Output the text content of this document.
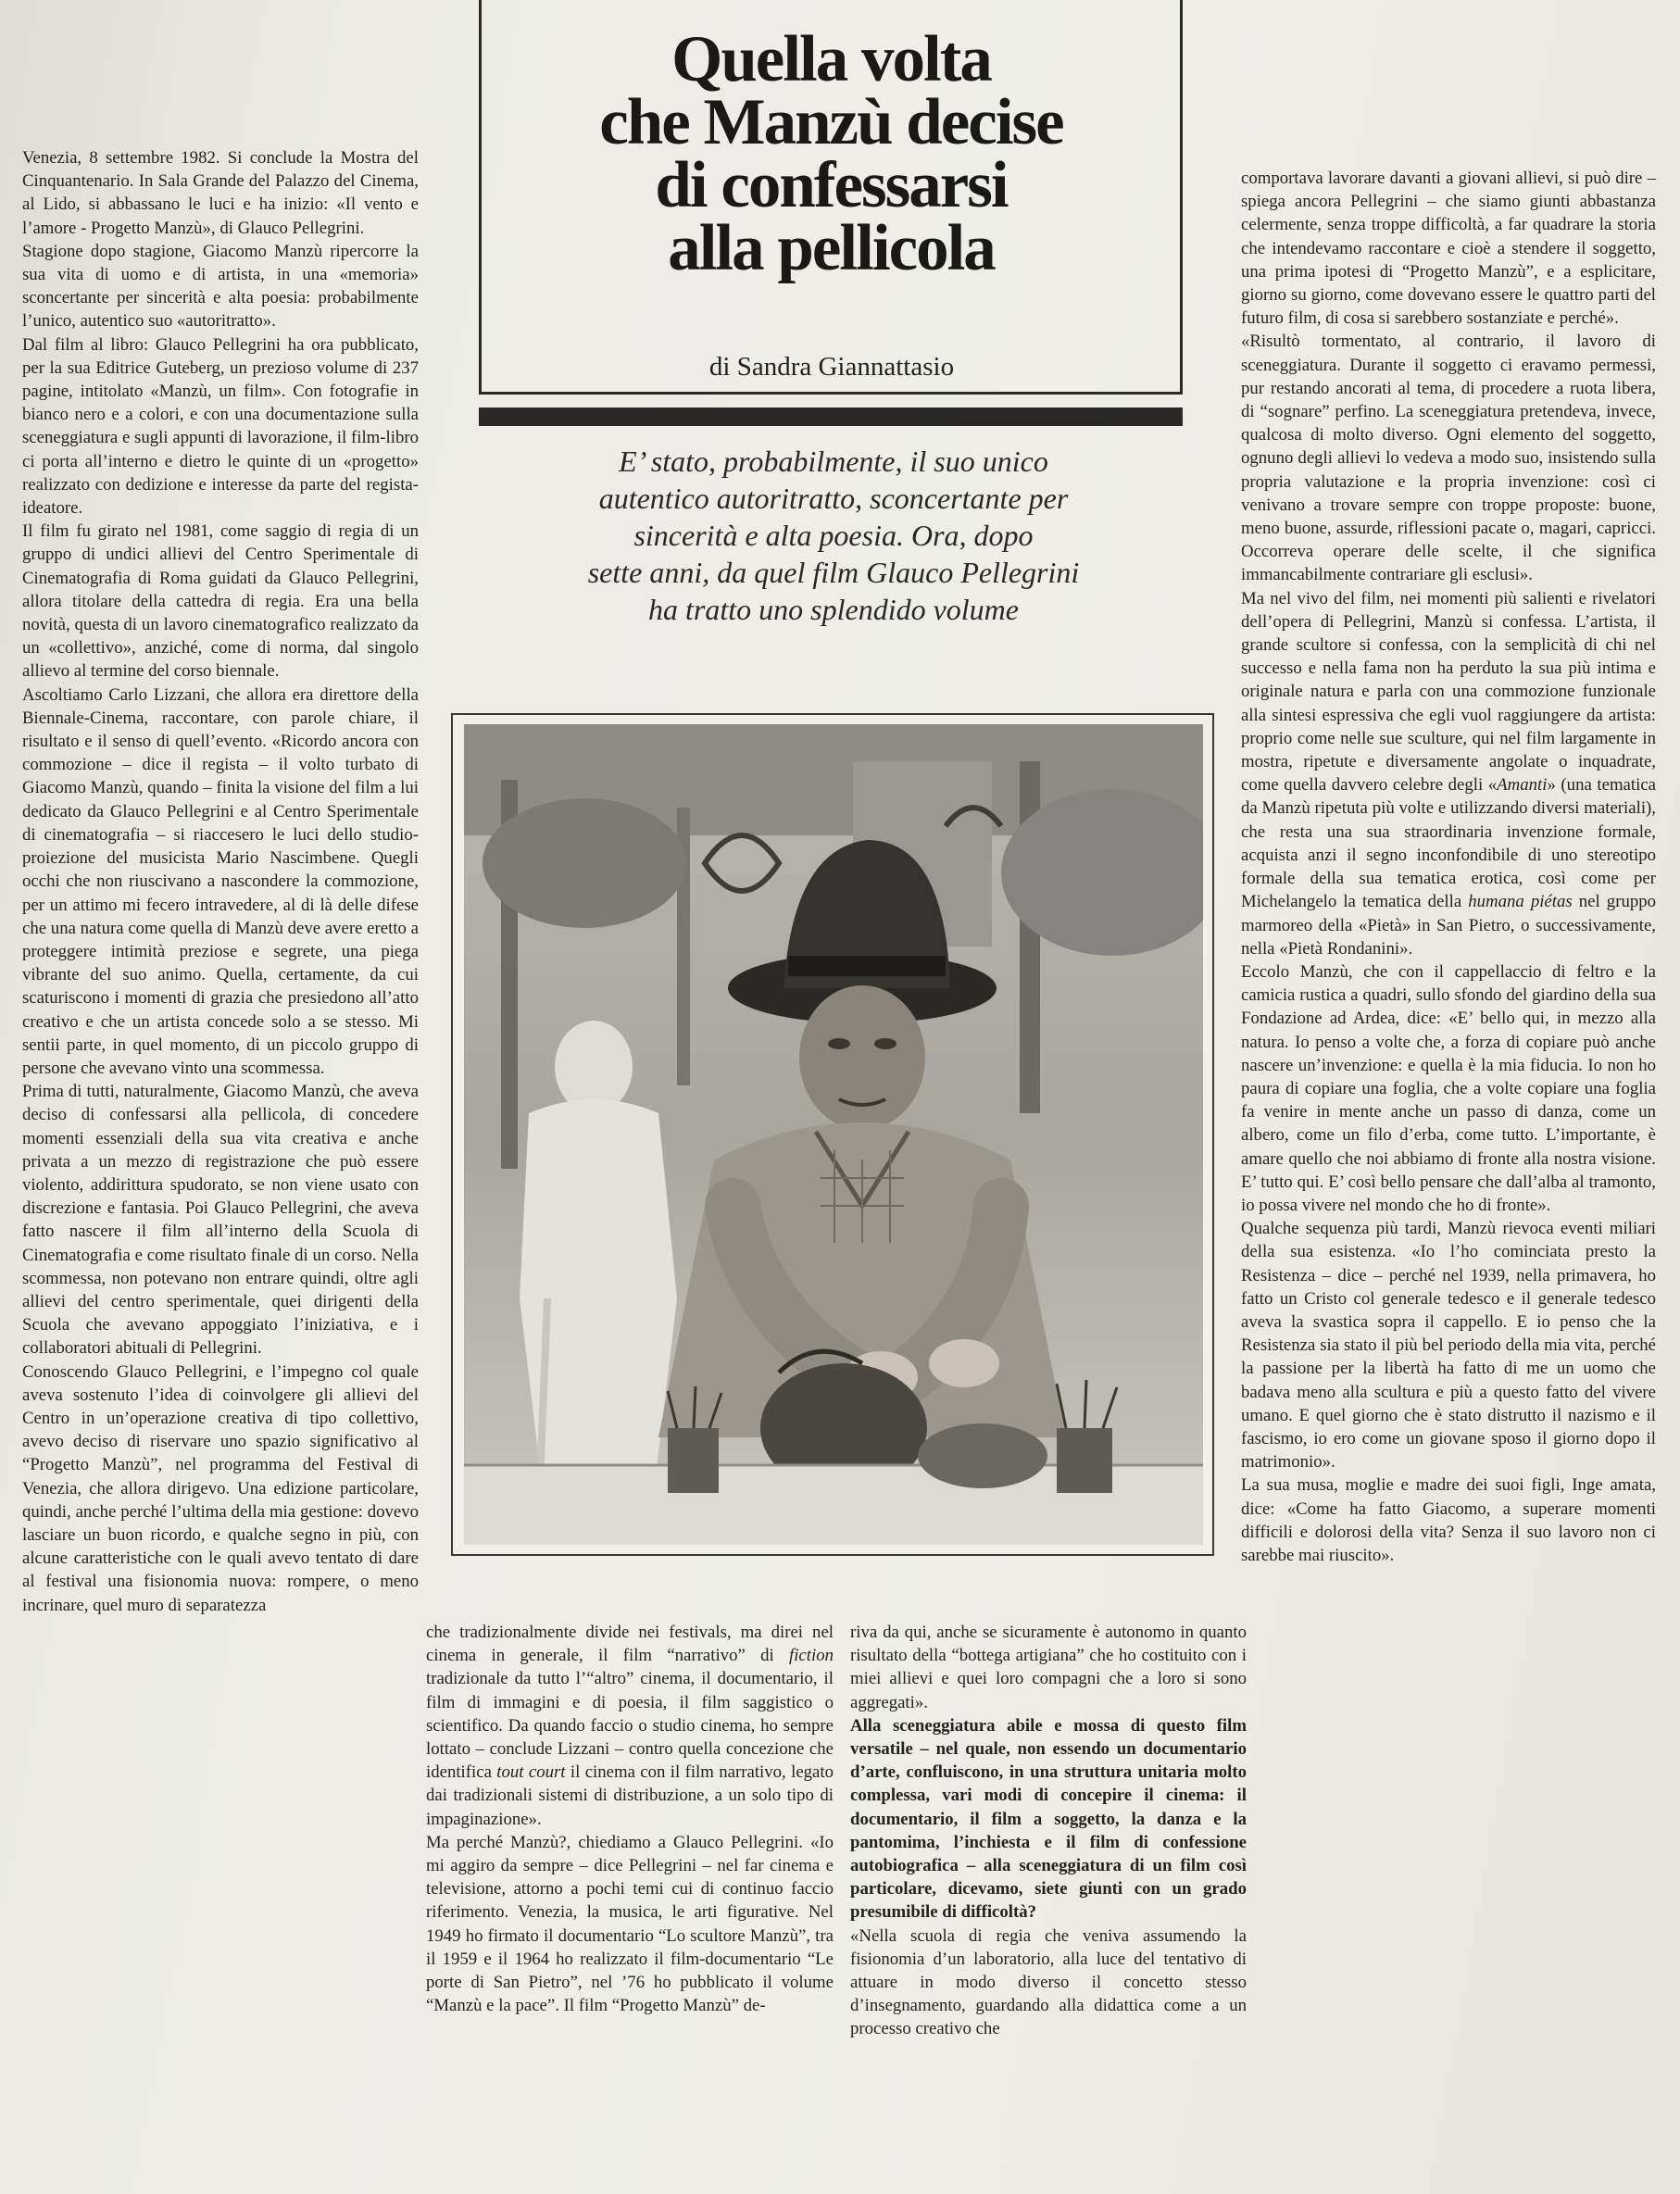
Quella volta
che Manzù decise
di confessarsi
alla pellicola
di Sandra Giannattasio

E’ stato, probabilmente, il suo unico
autentico autoritratto, sconcertante per
sincerità e alta poesia. Ora, dopo
sette anni, da quel film Glauco Pellegrini
ha tratto uno splendido volume

Venezia, 8 settembre 1982. Si conclude la Mostra del Cinquantenario. In Sala Grande del Palazzo del Cinema, al Lido, si abbassano le luci e ha inizio: «Il vento e l’amore - Progetto Manzù», di Glauco Pellegrini.

Stagione dopo stagione, Giacomo Manzù ripercorre la sua vita di uomo e di artista, in una «memoria» sconcertante per sincerità e alta poesia: probabilmente l’unico, autentico suo «autoritratto».

Dal film al libro: Glauco Pellegrini ha ora pubblicato, per la sua Editrice Guteberg, un prezioso volume di 237 pagine, intitolato «Manzù, un film». Con fotografie in bianco nero e a colori, e con una documentazione sulla sceneggiatura e sugli appunti di lavorazione, il film-libro ci porta all’interno e dietro le quinte di un «progetto» realizzato con dedizione e interesse da parte del regista-ideatore.

Il film fu girato nel 1981, come saggio di regia di un gruppo di undici allievi del Centro Sperimentale di Cinematografia di Roma guidati da Glauco Pellegrini, allora titolare della cattedra di regia. Era una bella novità, questa di un lavoro cinematografico realizzato da un «collettivo», anziché, come di norma, dal singolo allievo al termine del corso biennale.

Ascoltiamo Carlo Lizzani, che allora era direttore della Biennale-Cinema, raccontare, con parole chiare, il risultato e il senso di quell’evento. «Ricordo ancora con commozione – dice il regista – il volto turbato di Giacomo Manzù, quando – finita la visione del film a lui dedicato da Glauco Pellegrini e al Centro Sperimentale di cinematografia – si riaccesero le luci dello studio-proiezione del musicista Mario Nascimbene. Quegli occhi che non riuscivano a nascondere la commozione, per un attimo mi fecero intravedere, al di là delle difese che una natura come quella di Manzù deve avere eretto a proteggere intimità preziose e segrete, una piega vibrante del suo animo. Quella, certamente, da cui scaturiscono i momenti di grazia che presiedono all’atto creativo e che un artista concede solo a se stesso. Mi sentii parte, in quel momento, di un piccolo gruppo di persone che avevano vinto una scommessa.

Prima di tutti, naturalmente, Giacomo Manzù, che aveva deciso di confessarsi alla pellicola, di concedere momenti essenziali della sua vita creativa e anche privata a un mezzo di registrazione che può essere violento, addirittura spudorato, se non viene usato con discrezione e fantasia. Poi Glauco Pellegrini, che aveva fatto nascere il film all’interno della Scuola di Cinematografia e come risultato finale di un corso. Nella scommessa, non potevano non entrare quindi, oltre agli allievi del centro sperimentale, quei dirigenti della Scuola che avevano appoggiato l’iniziativa, e i collaboratori abituali di Pellegrini.

Conoscendo Glauco Pellegrini, e l’impegno col quale aveva sostenuto l’idea di coinvolgere gli allievi del Centro in un’operazione creativa di tipo collettivo, avevo deciso di riservare uno spazio significativo al “Progetto Manzù”, nel programma del Festival di Venezia, che allora dirigevo. Una edizione particolare, quindi, anche perché l’ultima della mia gestione: dovevo lasciare un buon ricordo, e qualche segno in più, con alcune caratteristiche con le quali avevo tentato di dare al festival una fisionomia nuova: rompere, o meno incrinare, quel muro di separatezza

che tradizionalmente divide nei festivals, ma direi nel cinema in generale, il film “narrativo” di fiction tradizionale da tutto l’“altro” cinema, il documentario, il film di immagini e di poesia, il film saggistico o scientifico. Da quando faccio o studio cinema, ho sempre lottato – conclude Lizzani – contro quella concezione che identifica tout court il cinema con il film narrativo, legato dai tradizionali sistemi di distribuzione, a un solo tipo di impaginazione».

Ma perché Manzù?, chiediamo a Glauco Pellegrini. «Io mi aggiro da sempre – dice Pellegrini – nel far cinema e televisione, attorno a pochi temi cui di continuo faccio riferimento. Venezia, la musica, le arti figurative. Nel 1949 ho firmato il documentario “Lo scultore Manzù”, tra il 1959 e il 1964 ho realizzato il film-documentario “Le porte di San Pietro”, nel ’76 ho pubblicato il volume “Manzù e la pace”. Il film “Progetto Manzù” de-

riva da qui, anche se sicuramente è autonomo in quanto risultato della “bottega artigiana” che ho costituito con i miei allievi e quei loro compagni che a loro si sono aggregati».

Alla sceneggiatura abile e mossa di questo film versatile – nel quale, non essendo un documentario d’arte, confluiscono, in una struttura unitaria molto complessa, vari modi di concepire il cinema: il documentario, il film a soggetto, la danza e la pantomima, l’inchiesta e il film di confessione autobiografica – alla sceneggiatura di un film così particolare, dicevamo, siete giunti con un grado presumibile di difficoltà?

«Nella scuola di regia che veniva assumendo la fisionomia d’un laboratorio, alla luce del tentativo di attuare in modo diverso il concetto stesso d’insegnamento, guardando alla didattica come a un processo creativo che

comportava lavorare davanti a giovani allievi, si può dire – spiega ancora Pellegrini – che siamo giunti abbastanza celermente, senza troppe difficoltà, a far quadrare la storia che intendevamo raccontare e cioè a stendere il soggetto, una prima ipotesi di “Progetto Manzù”, e a esplicitare, giorno su giorno, come dovevano essere le quattro parti del futuro film, di cosa si sarebbero sostanziate e perché».

«Risultò tormentato, al contrario, il lavoro di sceneggiatura. Durante il soggetto ci eravamo permessi, pur restando ancorati al tema, di procedere a ruota libera, di “sognare” perfino. La sceneggiatura pretendeva, invece, qualcosa di molto diverso. Ogni elemento del soggetto, ognuno degli allievi lo vedeva a modo suo, insistendo sulla propria valutazione e la propria invenzione: così ci venivano a trovare sempre con troppe proposte: buone, meno buone, assurde, riflessioni pacate o, magari, capricci. Occorreva operare delle scelte, il che significa immancabilmente contrariare gli esclusi».

Ma nel vivo del film, nei momenti più salienti e rivelatori dell’opera di Pellegrini, Manzù si confessa. L’artista, il grande scultore si confessa, con la semplicità di chi nel successo e nella fama non ha perduto la sua più intima e originale natura e parla con una commozione funzionale alla sintesi espressiva che egli vuol raggiungere da artista: proprio come nelle sue sculture, qui nel film largamente in mostra, ripetute e diversamente angolate o inquadrate, come quella davvero celebre degli «Amanti» (una tematica da Manzù ripetuta più volte e utilizzando diversi materiali), che resta una sua straordinaria invenzione formale, acquista anzi il segno inconfondibile di uno stereotipo formale della sua tematica erotica, così come per Michelangelo la tematica della humana piétas nel gruppo marmoreo della «Pietà» in San Pietro, o successivamente, nella «Pietà Rondanini».

Eccolo Manzù, che con il cappellaccio di feltro e la camicia rustica a quadri, sullo sfondo del giardino della sua Fondazione ad Ardea, dice: «E’ bello qui, in mezzo alla natura. Io penso a volte che, a forza di copiare può anche nascere un’invenzione: e quella è la mia fiducia. Io non ho paura di copiare una foglia, che a volte copiare una foglia fa venire in mente anche un passo di danza, come un albero, come un filo d’erba, come tutto. L’importante, è amare quello che noi abbiamo di fronte alla nostra visione. E’ tutto qui. E’ così bello pensare che dall’alba al tramonto, io possa vivere nel mondo che ho di fronte».

Qualche sequenza più tardi, Manzù rievoca eventi miliari della sua esistenza. «Io l’ho cominciata presto la Resistenza – dice – perché nel 1939, nella primavera, ho fatto un Cristo col generale tedesco e il generale tedesco aveva la svastica sopra il cappello. E io penso che la Resistenza sia stato il più bel periodo della mia vita, perché la passione per la libertà ha fatto di me un uomo che badava meno alla scultura e più a questo fatto del vivere umano. E quel giorno che è stato distrutto il nazismo e il fascismo, io ero come un giovane sposo il giorno dopo il matrimonio».

La sua musa, moglie e madre dei suoi figli, Inge amata, dice: «Come ha fatto Giacomo, a superare momenti difficili e dolorosi della vita? Senza il suo lavoro non ci sarebbe mai riuscito».
